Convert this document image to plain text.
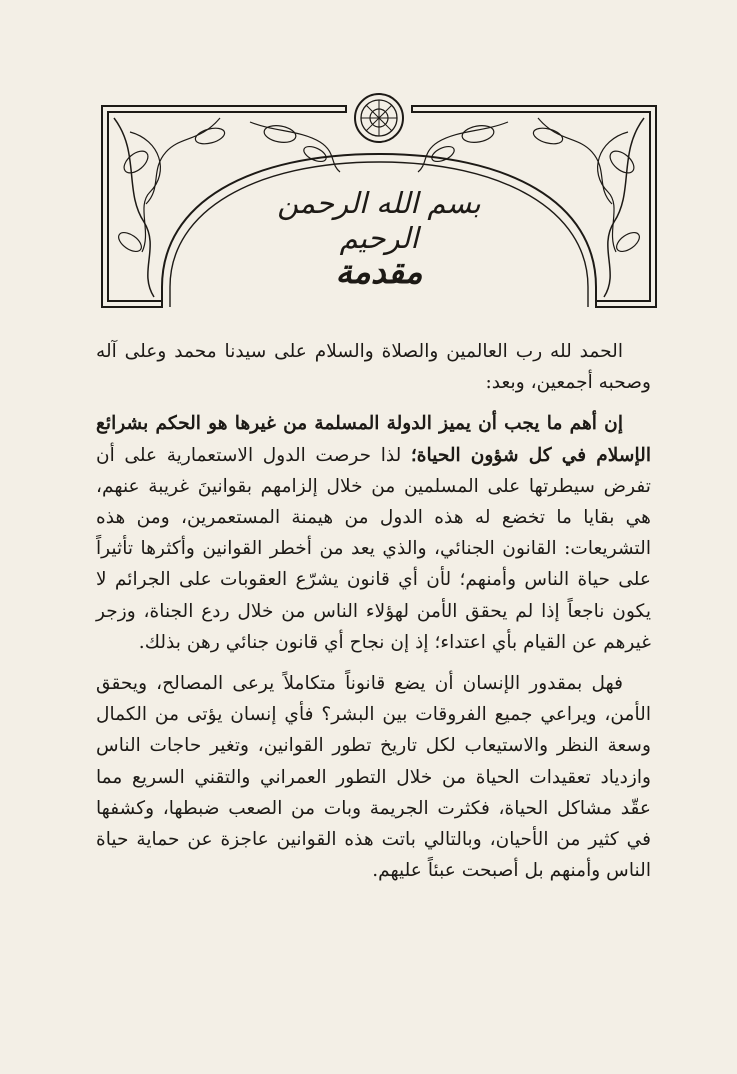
بسم الله الرحمن الرحيم
مقدمة

الحمد لله رب العالمين والصلاة والسلام على سيدنا محمد وعلى آله وصحبه أجمعين، وبعد:

إن أهم ما يجب أن يميز الدولة المسلمة من غيرها هو الحكم بشرائع الإسلام في كل شؤون الحياة؛ لذا حرصت الدول الاستعمارية على أن تفرض سيطرتها على المسلمين من خلال إلزامهم بقوانينَ غريبة عنهم، هي بقايا ما تخضع له هذه الدول من هيمنة المستعمرين، ومن هذه التشريعات: القانون الجنائي، والذي يعد من أخطر القوانين وأكثرها تأثيراً على حياة الناس وأمنهم؛ لأن أي قانون يشرّع العقوبات على الجرائم لا يكون ناجعاً إذا لم يحقق الأمن لهؤلاء الناس من خلال ردع الجناة، وزجر غيرهم عن القيام بأي اعتداء؛ إذ إن نجاح أي قانون جنائي رهن بذلك.

فهل بمقدور الإنسان أن يضع قانوناً متكاملاً يرعى المصالح، ويحقق الأمن، ويراعي جميع الفروقات بين البشر؟ فأي إنسان يؤتى من الكمال وسعة النظر والاستيعاب لكل تاريخ تطور القوانين، وتغير حاجات الناس وازدياد تعقيدات الحياة من خلال التطور العمراني والتقني السريع مما عقّد مشاكل الحياة، فكثرت الجريمة وبات من الصعب ضبطها، وكشفها في كثير من الأحيان، وبالتالي باتت هذه القوانين عاجزة عن حماية حياة الناس وأمنهم بل أصبحت عبئاً عليهم.
